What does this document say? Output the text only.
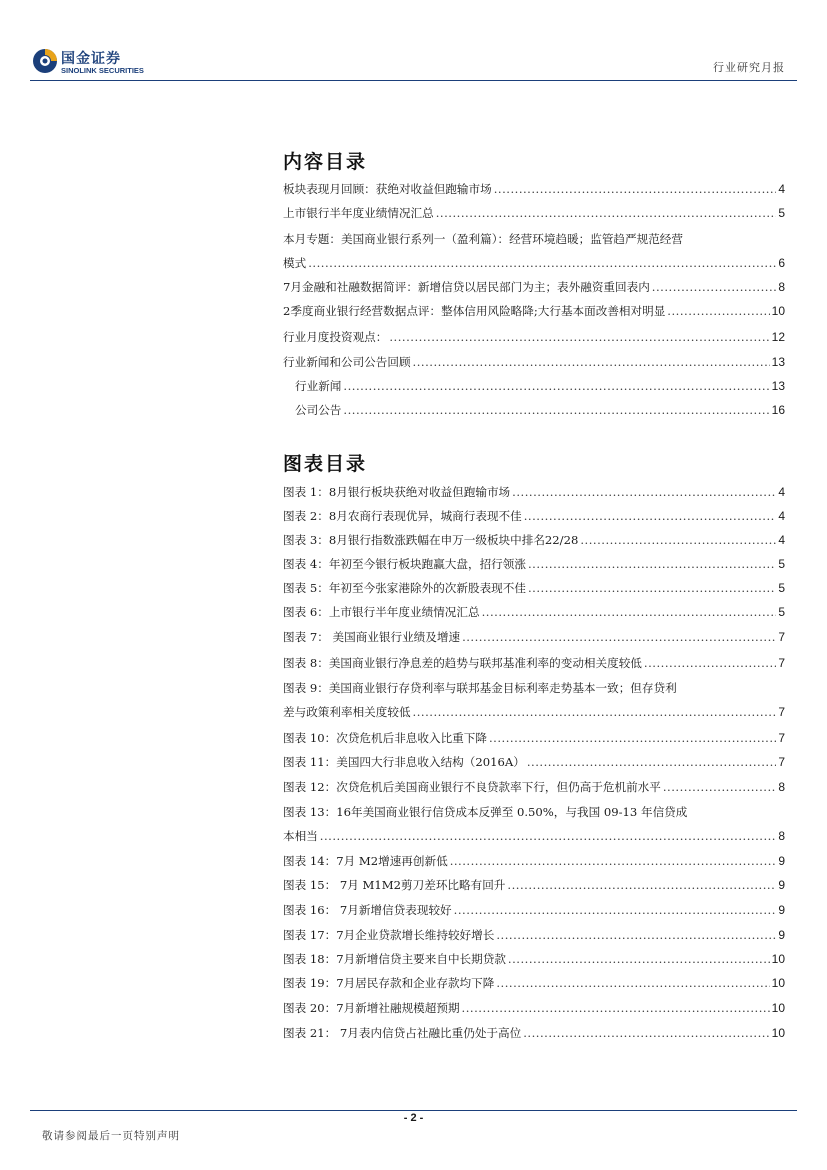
国金证券
SINOLINK SECURITIES	行业研究月报
内容目录
板块表现月回顾：获绝对收益但跑输市场 .....	4
上市银行半年度业绩情况汇总 .....	5
本月专题：美国商业银行系列一（盈利篇）：经营环境趋暖；监管趋严规范经营
模式 .....	6
7月金融和社融数据简评：新增信贷以居民部门为主；表外融资重回表内 .....	8
2季度商业银行经营数据点评：整体信用风险略降;大行基本面改善相对明显 .....	10
行业月度投资观点： .....	12
行业新闻和公司公告回顾 .....	13
行业新闻 .....	13
公司公告 .....	16
图表目录
图表 1：8月银行板块获绝对收益但跑输市场 .....	4
图表 2：8月农商行表现优异，城商行表现不佳 .....	4
图表 3：8月银行指数涨跌幅在申万一级板块中排名22/28 .....	4
图表 4：年初至今银行板块跑赢大盘，招行领涨 .....	5
图表 5：年初至今张家港除外的次新股表现不佳 .....	5
图表 6：上市银行半年度业绩情况汇总 .....	5
图表 7： 美国商业银行业绩及增速 .....	7
图表 8：美国商业银行净息差的趋势与联邦基准利率的变动相关度较低 .....	7
图表 9：美国商业银行存贷利率与联邦基金目标利率走势基本一致；但存贷利
差与政策利率相关度较低 .....	7
图表 10：次贷危机后非息收入比重下降 .....	7
图表 11：美国四大行非息收入结构（2016A） .....	7
图表 12：次贷危机后美国商业银行不良贷款率下行，但仍高于危机前水平 .....	8
图表 13：16年美国商业银行信贷成本反弹至 0.50%，与我国 09-13 年信贷成
本相当 .....	8
图表 14：7月 M2增速再创新低 .....	9
图表 15： 7月 M1M2剪刀差环比略有回升 .....	9
图表 16： 7月新增信贷表现较好 .....	9
图表 17：7月企业贷款增长维持较好增长 .....	9
图表 18：7月新增信贷主要来自中长期贷款 .....	10
图表 19：7月居民存款和企业存款均下降 .....	10
图表 20：7月新增社融规模超预期 .....	10
图表 21： 7月表内信贷占社融比重仍处于高位 .....	10
- 2 -
敬请参阅最后一页特别声明
